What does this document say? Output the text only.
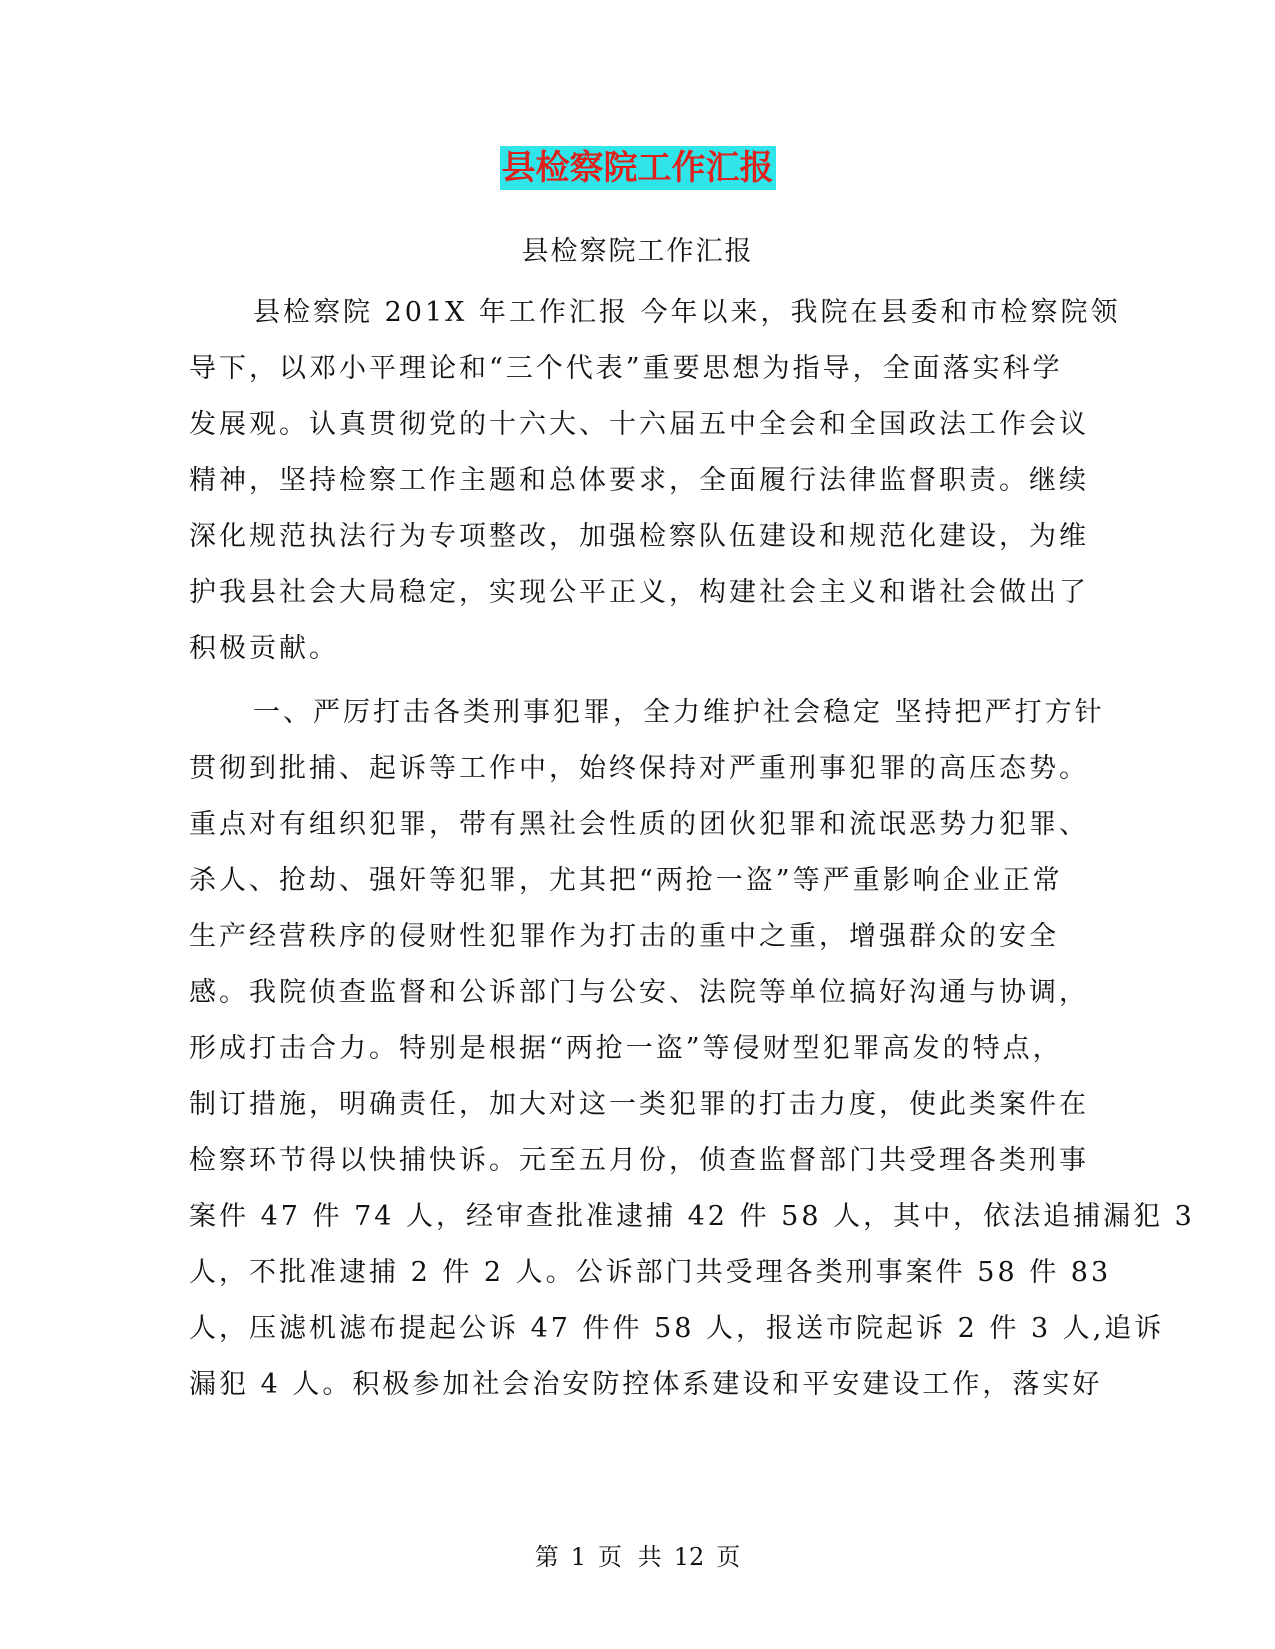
县检察院工作汇报
县检察院工作汇报
县检察院 201X 年工作汇报 今年以来，我院在县委和市检察院领
导下，以邓小平理论和“三个代表”重要思想为指导，全面落实科学
发展观。认真贯彻党的十六大、十六届五中全会和全国政法工作会议
精神，坚持检察工作主题和总体要求，全面履行法律监督职责。继续
深化规范执法行为专项整改，加强检察队伍建设和规范化建设，为维
护我县社会大局稳定，实现公平正义，构建社会主义和谐社会做出了
积极贡献。
一、严厉打击各类刑事犯罪，全力维护社会稳定 坚持把严打方针
贯彻到批捕、起诉等工作中，始终保持对严重刑事犯罪的高压态势。
重点对有组织犯罪，带有黑社会性质的团伙犯罪和流氓恶势力犯罪、
杀人、抢劫、强奸等犯罪，尤其把“两抢一盗”等严重影响企业正常
生产经营秩序的侵财性犯罪作为打击的重中之重，增强群众的安全
感。我院侦查监督和公诉部门与公安、法院等单位搞好沟通与协调，
形成打击合力。特别是根据“两抢一盗”等侵财型犯罪高发的特点，
制订措施，明确责任，加大对这一类犯罪的打击力度，使此类案件在
检察环节得以快捕快诉。元至五月份，侦查监督部门共受理各类刑事
案件 47 件 74 人，经审查批准逮捕 42 件 58 人，其中，依法追捕漏犯 3
人，不批准逮捕 2 件 2 人。公诉部门共受理各类刑事案件 58 件 83
人，压滤机滤布提起公诉 47 件件 58 人，报送市院起诉 2 件 3 人,追诉
漏犯 4 人。积极参加社会治安防控体系建设和平安建设工作，落实好
第 1 页 共 12 页
